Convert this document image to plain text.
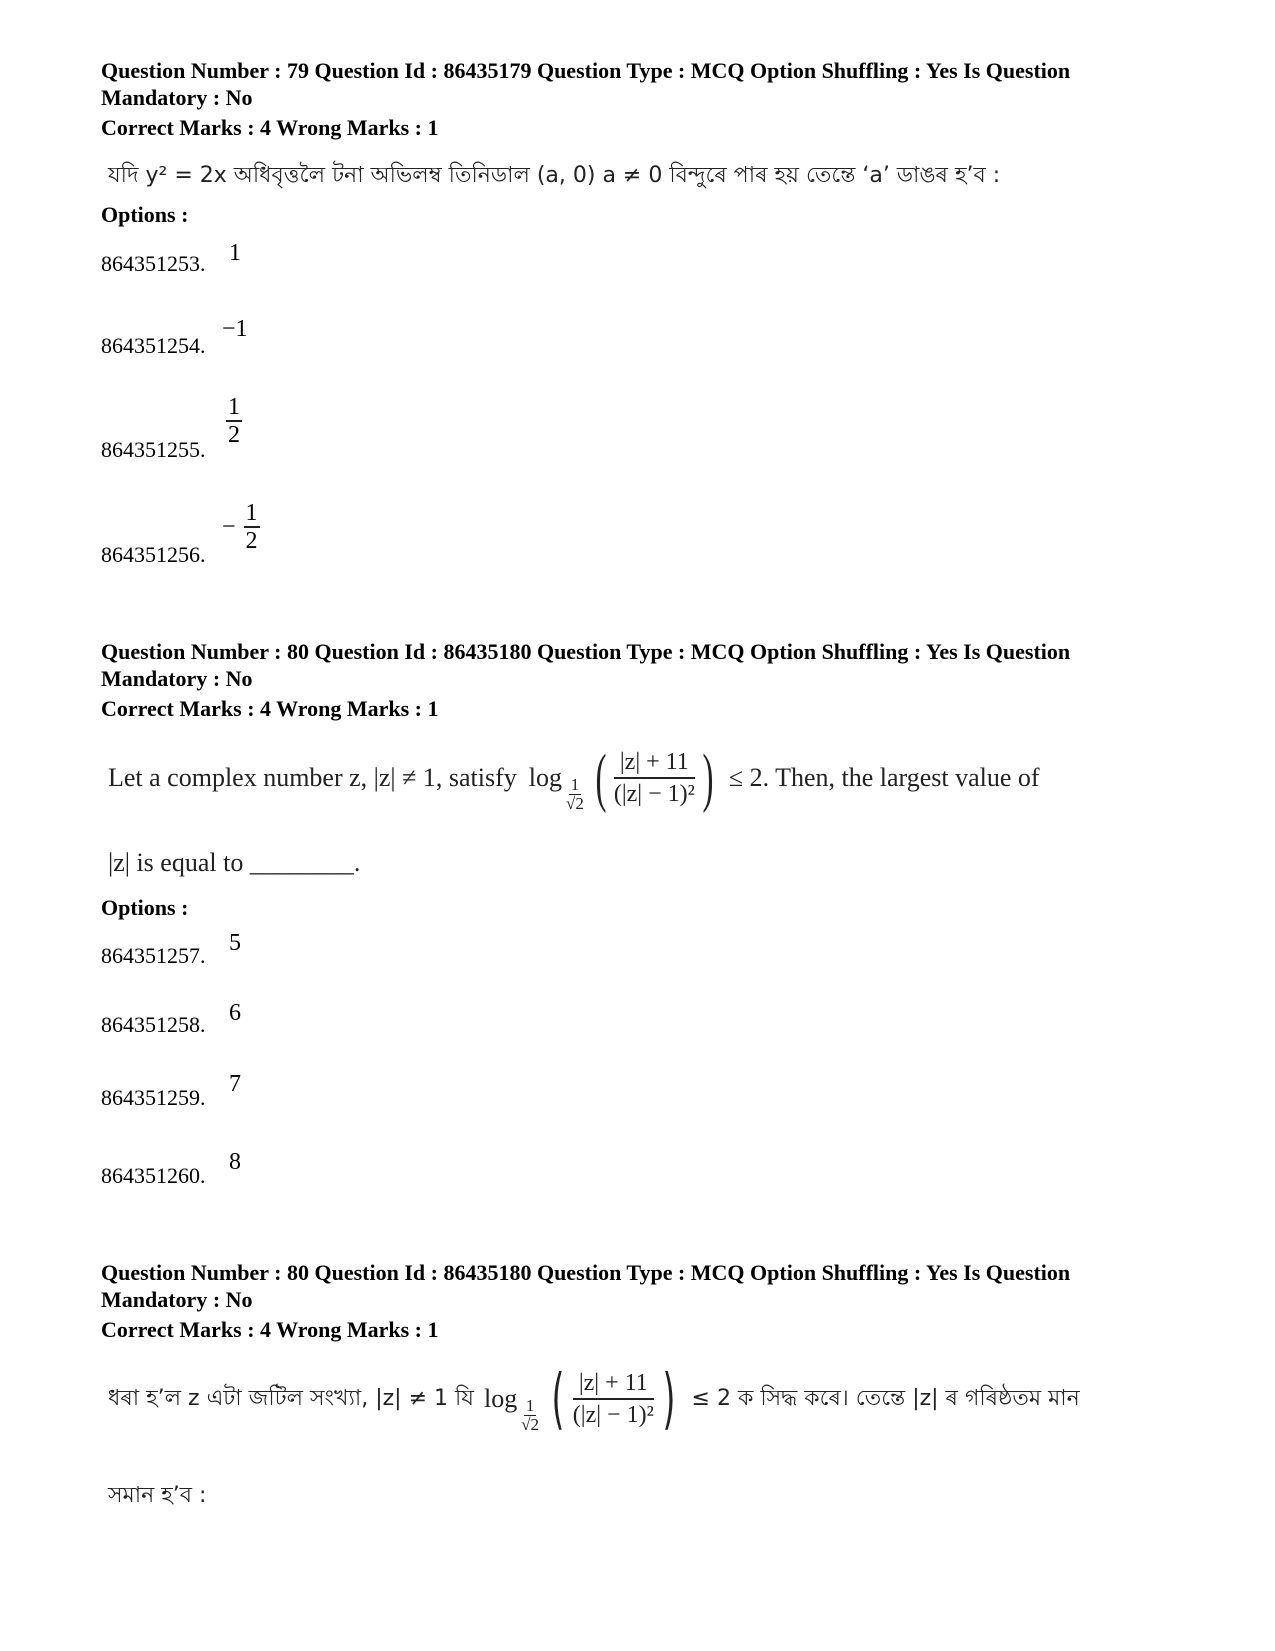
Question Number : 79 Question Id : 86435179 Question Type : MCQ Option Shuffling : Yes Is Question Mandatory : No
Correct Marks : 4 Wrong Marks : 1
যদি y² = 2x অধিবৃত্তলৈ টনা অভিলম্ব তিনিডাল (a, 0) a ≠ 0 বিন্দুৰে পাৰ হয় তেন্তে ‘a’ ডাঙৰ হ’ব :
Options :
864351253. 1
864351254.
−1
864351255.
$\frac{1}{2}$
864351256.
− $\frac{1}{2}$
Question Number : 80 Question Id : 86435180 Question Type : MCQ Option Shuffling : Yes Is Question Mandatory : No
Correct Marks : 4 Wrong Marks : 1
Let a complex number z, |z| ≠ 1, satisfy $\log \frac{1}{√2}$ ( $\frac{|z| + 11}{\text{(|z| − 1)²}}$ ) ≤ 2. Then, the largest value of
|z| is equal to ________.
Options :
864351257. 5
864351258. 6
864351259.
7
864351260.
8
Question Number : 80 Question Id : 86435180 Question Type : MCQ Option Shuffling : Yes Is Question Mandatory : No
Correct Marks : 4 Wrong Marks : 1
ধৰা হ’ল z এটা জটিল সংখ্যা, |z| ≠ 1 যি $\log \frac{1}{√2}$ ( $\frac{|z| + 11}{\text{(|z| − 1)²}}$ ) ≤ 2 ক সিদ্ধ কৰে। তেন্তে |z| ৰ গৰিষ্ঠতম মান
সমান হ’ব :
